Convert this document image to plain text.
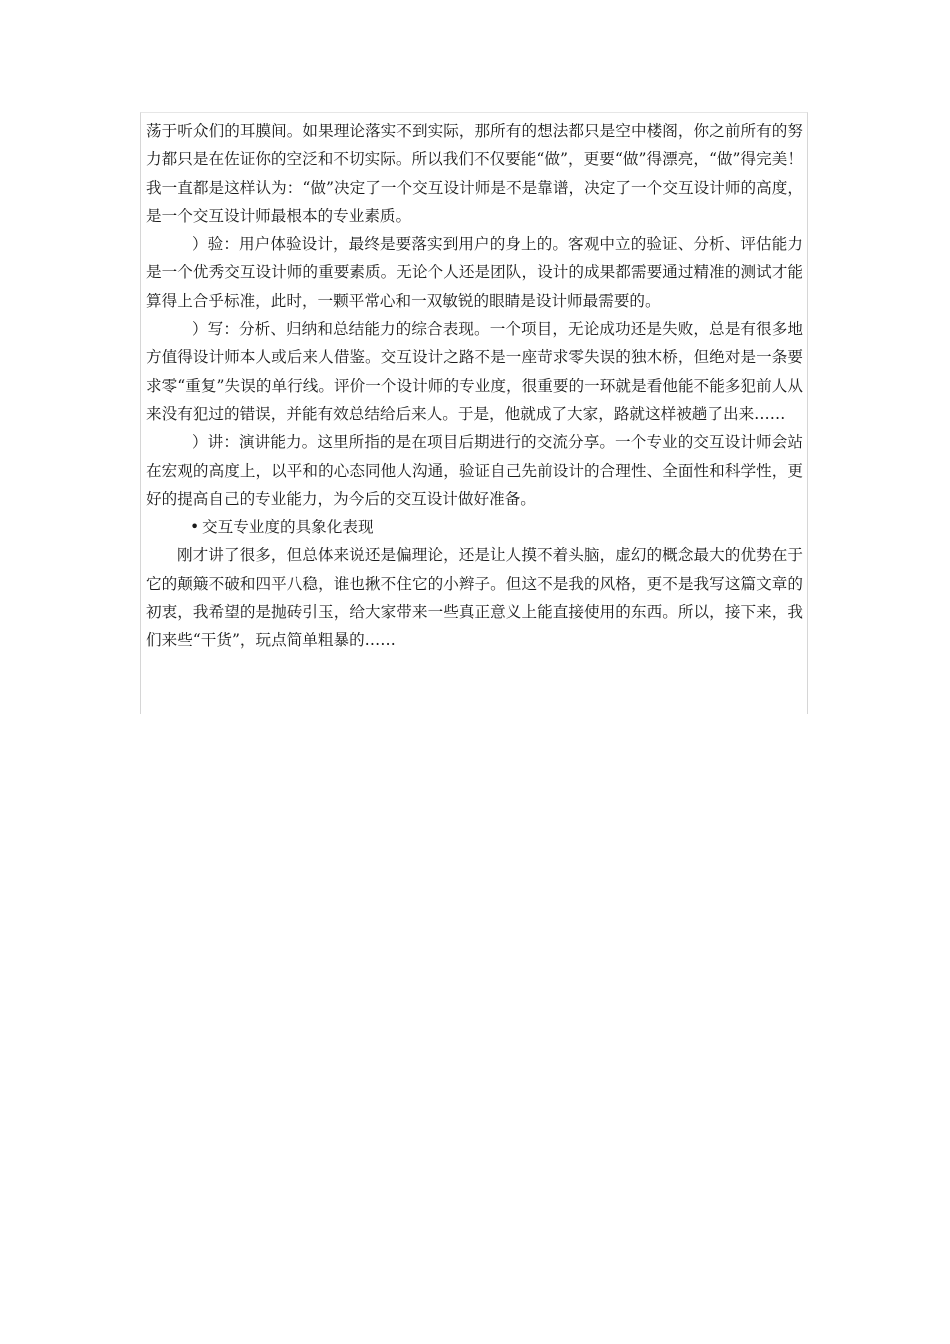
荡于听众们的耳膜间。如果理论落实不到实际，那所有的想法都只是空中楼阁，你之前所有的努力都只是在佐证你的空泛和不切实际。所以我们不仅要能“做”，更要“做”得漂亮，“做”得完美！我一直都是这样认为：“做”决定了一个交互设计师是不是靠谱，决定了一个交互设计师的高度，是一个交互设计师最根本的专业素质。

）验：用户体验设计，最终是要落实到用户的身上的。客观中立的验证、分析、评估能力是一个优秀交互设计师的重要素质。无论个人还是团队，设计的成果都需要通过精准的测试才能算得上合乎标准，此时，一颗平常心和一双敏锐的眼睛是设计师最需要的。

）写：分析、归纳和总结能力的综合表现。一个项目，无论成功还是失败，总是有很多地方值得设计师本人或后来人借鉴。交互设计之路不是一座苛求零失误的独木桥，但绝对是一条要求零“重复”失误的单行线。评价一个设计师的专业度，很重要的一环就是看他能不能多犯前人从来没有犯过的错误，并能有效总结给后来人。于是，他就成了大家，路就这样被趟了出来……

）讲：演讲能力。这里所指的是在项目后期进行的交流分享。一个专业的交互设计师会站在宏观的高度上，以平和的心态同他人沟通，验证自己先前设计的合理性、全面性和科学性，更好的提高自己的专业能力，为今后的交互设计做好准备。

• 交互专业度的具象化表现

刚才讲了很多，但总体来说还是偏理论，还是让人摸不着头脑，虚幻的概念最大的优势在于它的颠簸不破和四平八稳，谁也揪不住它的小辫子。但这不是我的风格，更不是我写这篇文章的初衷，我希望的是抛砖引玉，给大家带来一些真正意义上能直接使用的东西。所以，接下来，我们来些“干货”，玩点简单粗暴的……
